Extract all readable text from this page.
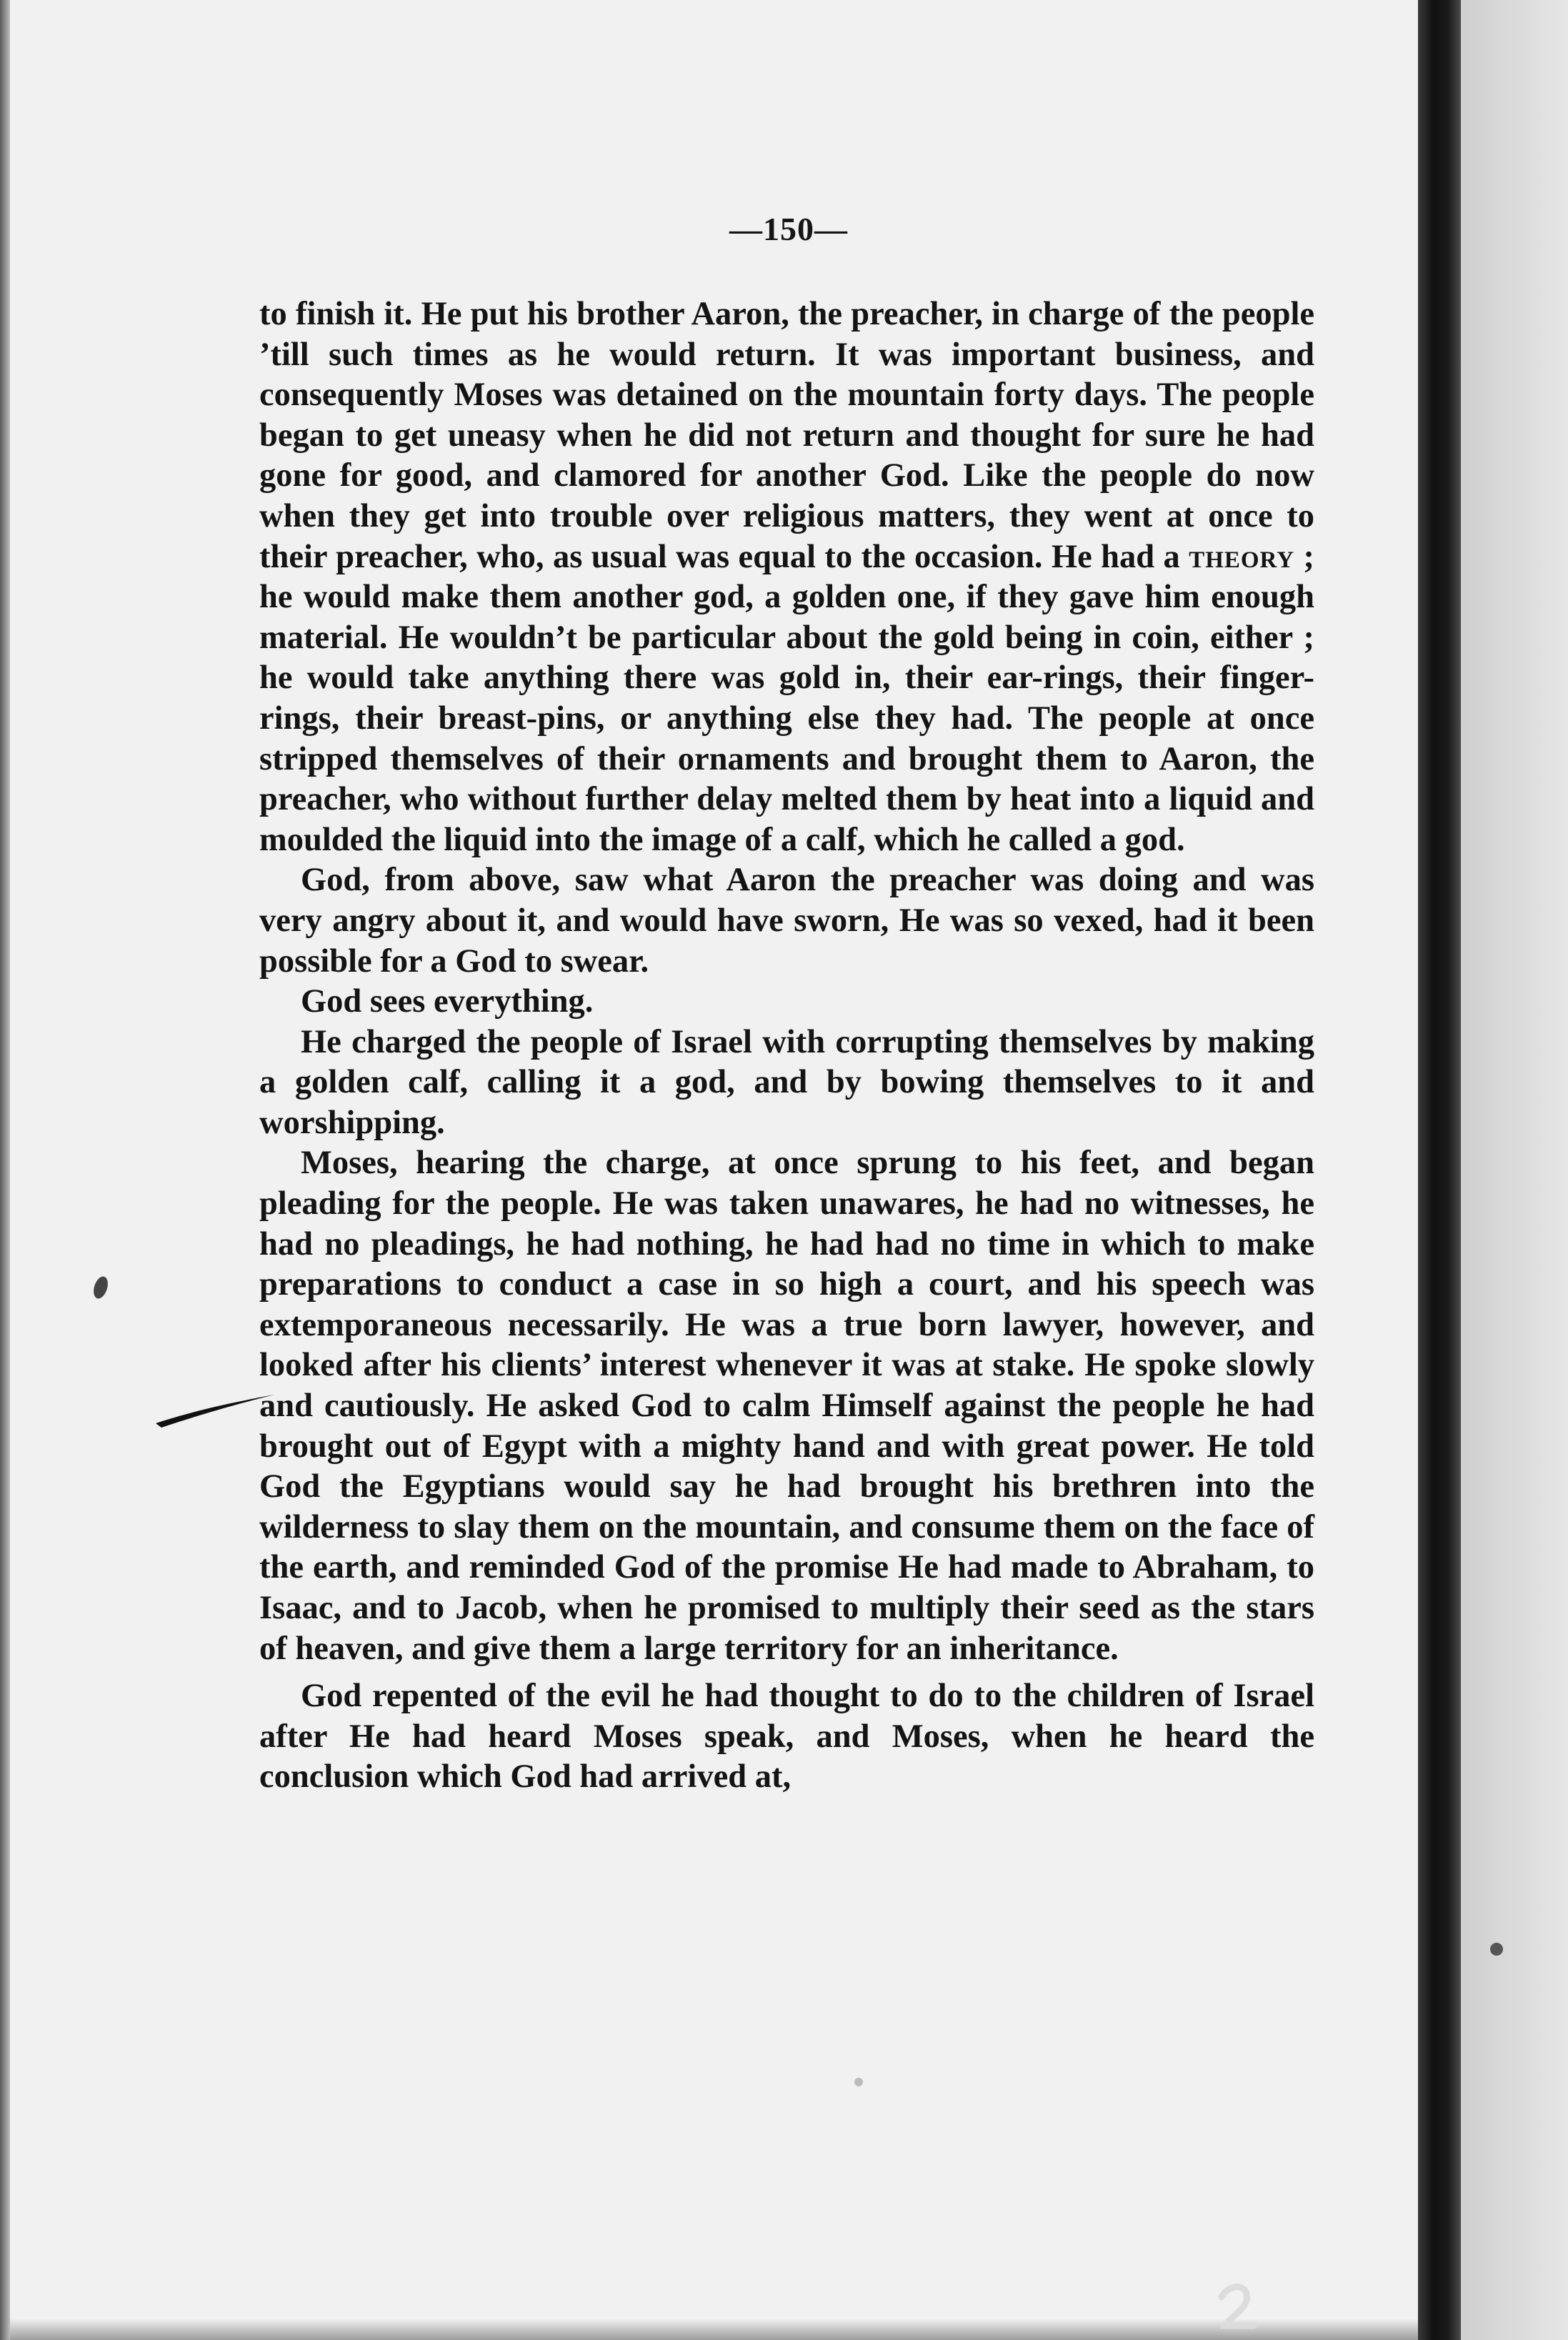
—150—

to finish it. He put his brother Aaron, the preacher, in charge of the people ’till such times as he would return. It was important business, and consequently Moses was detained on the mountain forty days. The people began to get uneasy when he did not return and thought for sure he had gone for good, and clamored for another God. Like the people do now when they get into trouble over religious matters, they went at once to their preacher, who, as usual was equal to the occasion. He had a theory ; he would make them another god, a golden one, if they gave him enough material. He wouldn’t be particular about the gold being in coin, either ; he would take anything there was gold in, their ear-rings, their finger-rings, their breast-pins, or anything else they had. The people at once stripped themselves of their ornaments and brought them to Aaron, the preacher, who without further delay melted them by heat into a liquid and moulded the liquid into the image of a calf, which he called a god.

God, from above, saw what Aaron the preacher was doing and was very angry about it, and would have sworn, He was so vexed, had it been possible for a God to swear.

God sees everything.

He charged the people of Israel with corrupting themselves by making a golden calf, calling it a god, and by bowing themselves to it and worshipping.

Moses, hearing the charge, at once sprung to his feet, and began pleading for the people. He was taken unawares, he had no witnesses, he had no pleadings, he had nothing, he had had no time in which to make preparations to conduct a case in so high a court, and his speech was extemporaneous necessarily. He was a true born lawyer, however, and looked after his clients’ interest whenever it was at stake. He spoke slowly and cautiously. He asked God to calm Himself against the people he had brought out of Egypt with a mighty hand and with great power. He told God the Egyptians would say he had brought his brethren into the wilderness to slay them on the mountain, and consume them on the face of the earth, and reminded God of the promise He had made to Abraham, to Isaac, and to Jacob, when he promised to multiply their seed as the stars of heaven, and give them a large territory for an inheritance.

God repented of the evil he had thought to do to the children of Israel after He had heard Moses speak, and Moses, when he heard the conclusion which God had arrived at,
